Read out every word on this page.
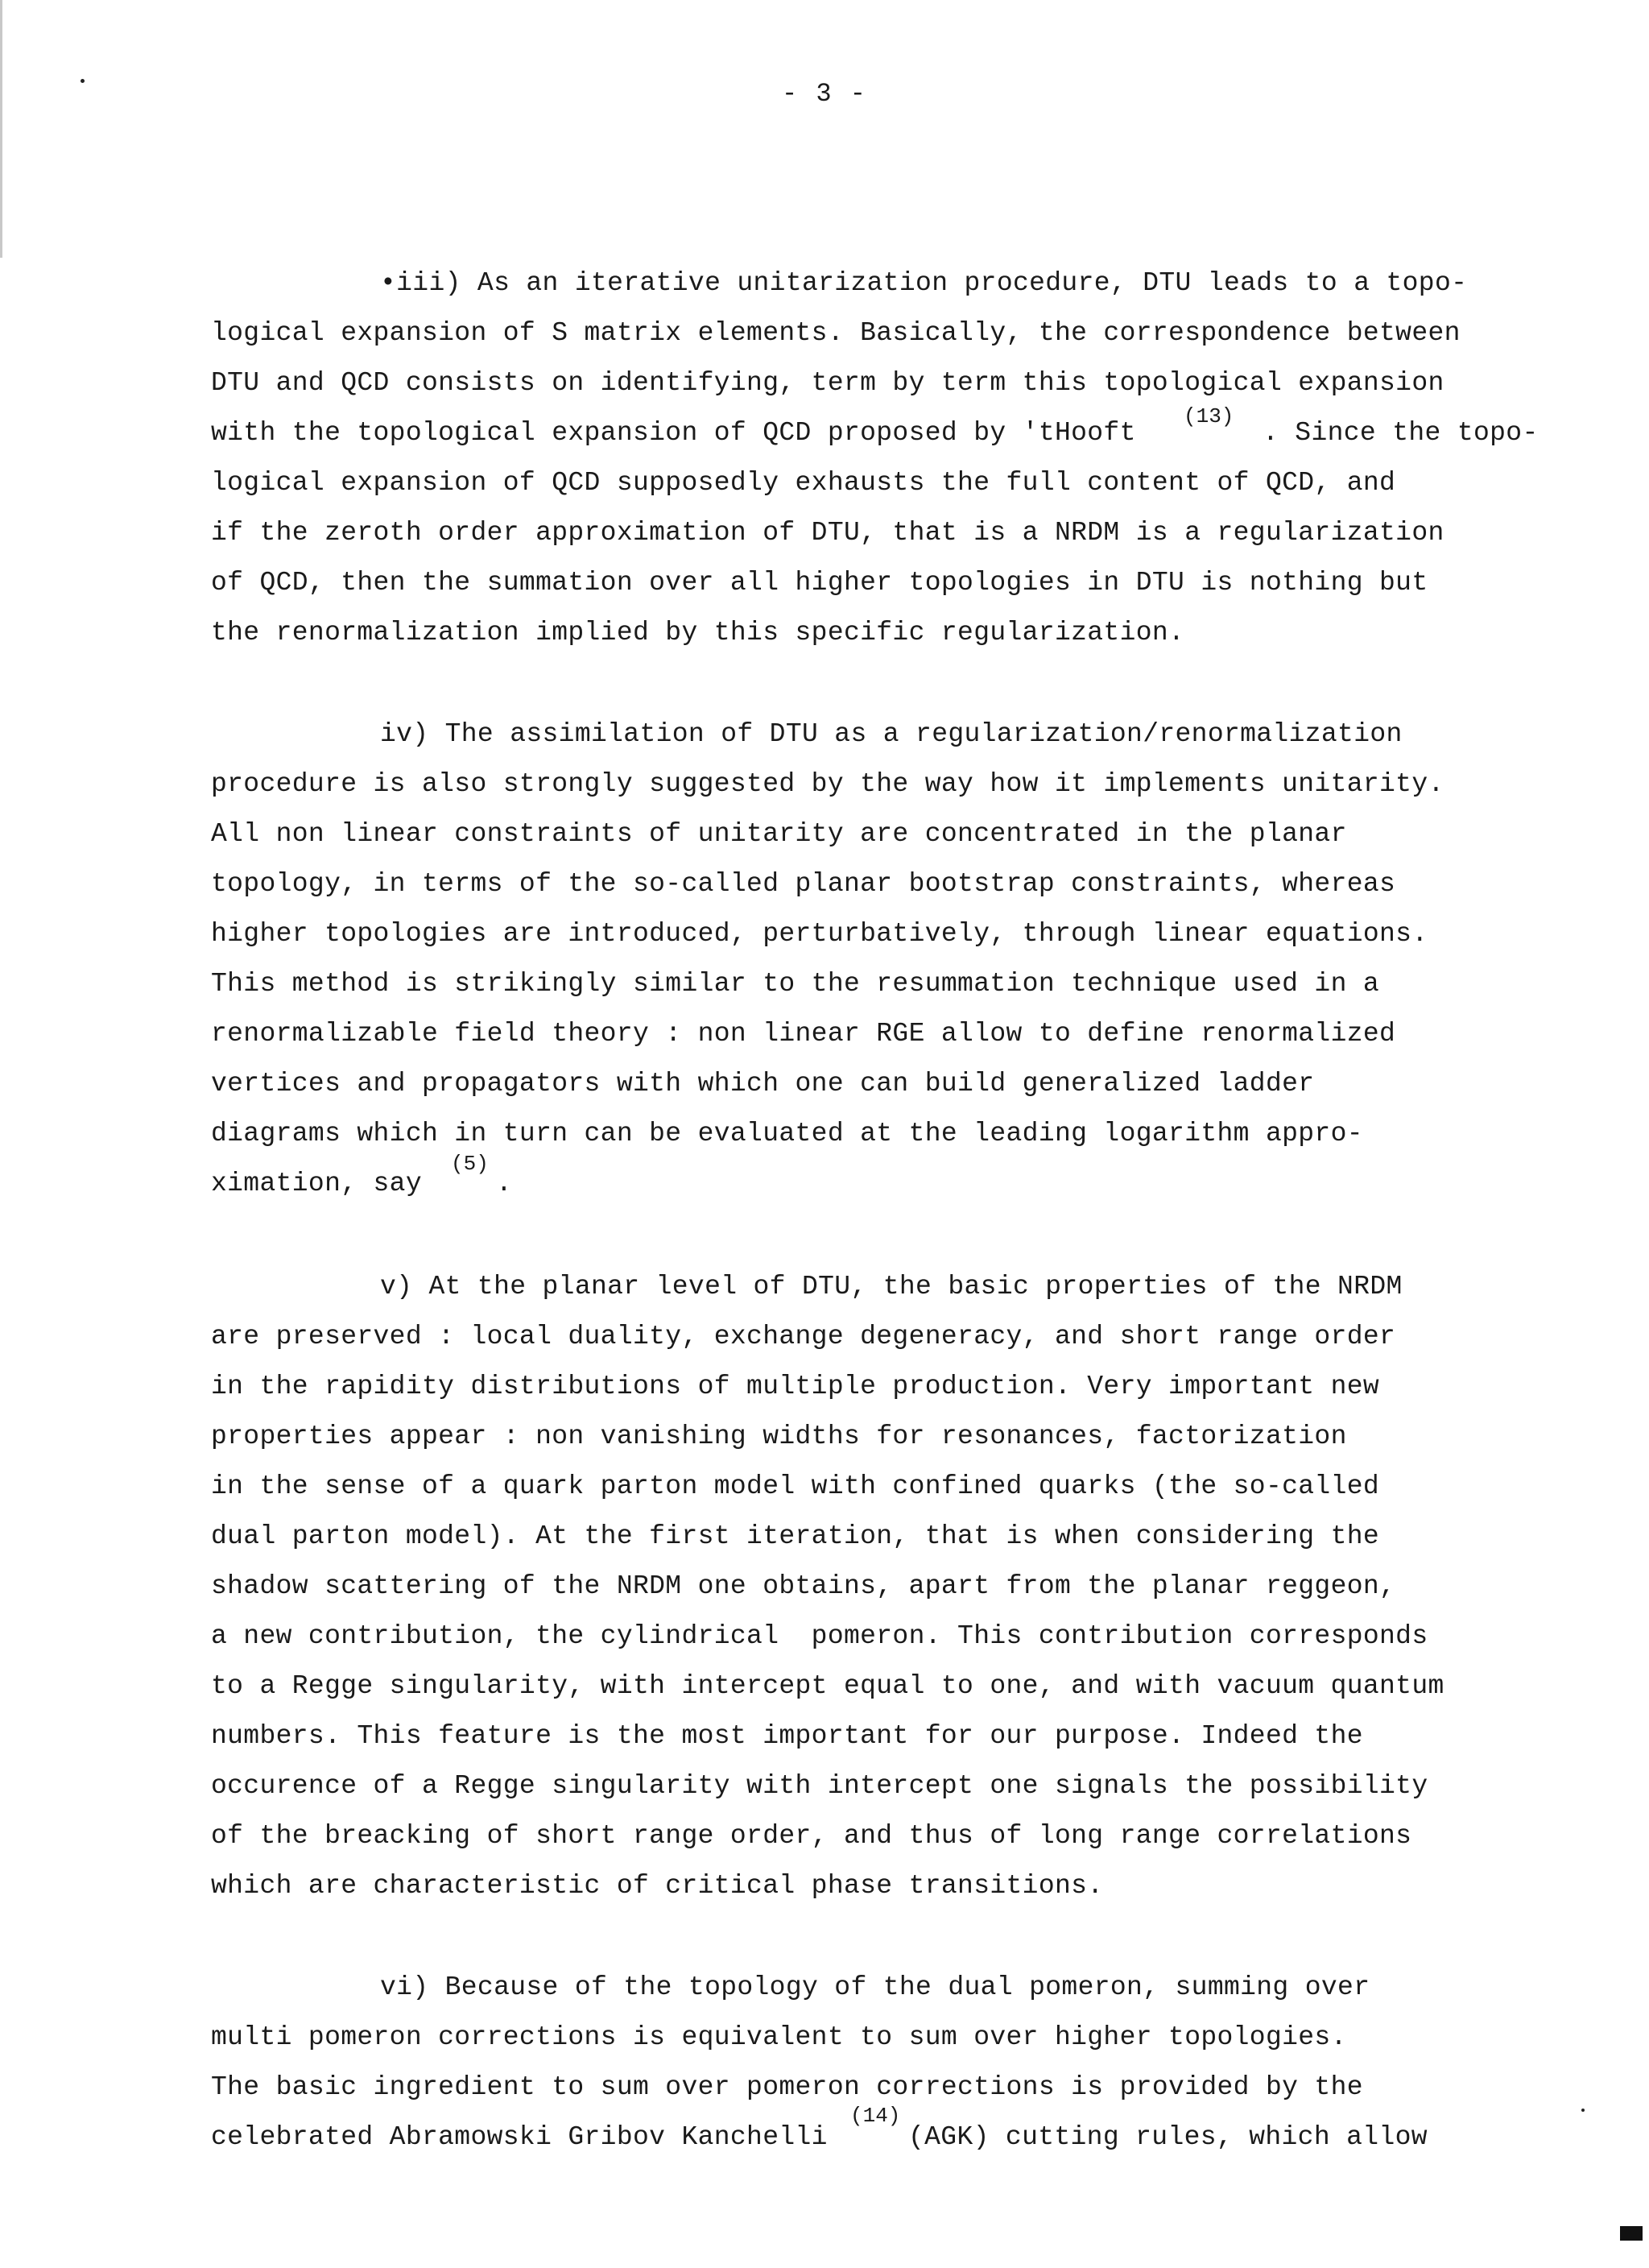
- 3 -
•iii) As an iterative unitarization procedure, DTU leads to a topo-
logical expansion of S matrix elements. Basically, the correspondence between
DTU and QCD consists on identifying, term by term this topological expansion
with the topological expansion of QCD proposed by 'tHooft
(13)
. Since the topo-
logical expansion of QCD supposedly exhausts the full content of QCD, and
if the zeroth order approximation of DTU, that is a NRDM is a regularization
of QCD, then the summation over all higher topologies in DTU is nothing but
the renormalization implied by this specific regularization.
iv) The assimilation of DTU as a regularization/renormalization
procedure is also strongly suggested by the way how it implements unitarity.
All non linear constraints of unitarity are concentrated in the planar
topology, in terms of the so-called planar bootstrap constraints, whereas
higher topologies are introduced, perturbatively, through linear equations.
This method is strikingly similar to the resummation technique used in a
renormalizable field theory : non linear RGE allow to define renormalized
vertices and propagators with which one can build generalized ladder
diagrams which in turn can be evaluated at the leading logarithm appro-
ximation, say
(5)
.
v) At the planar level of DTU, the basic properties of the NRDM
are preserved : local duality, exchange degeneracy, and short range order
in the rapidity distributions of multiple production. Very important new
properties appear : non vanishing widths for resonances, factorization
in the sense of a quark parton model with confined quarks (the so-called
dual parton model). At the first iteration, that is when considering the
shadow scattering of the NRDM one obtains, apart from the planar reggeon,
a new contribution, the cylindrical  pomeron. This contribution corresponds
to a Regge singularity, with intercept equal to one, and with vacuum quantum
numbers. This feature is the most important for our purpose. Indeed the
occurence of a Regge singularity with intercept one signals the possibility
of the breacking of short range order, and thus of long range correlations
which are characteristic of critical phase transitions.
vi) Because of the topology of the dual pomeron, summing over
multi pomeron corrections is equivalent to sum over higher topologies.
The basic ingredient to sum over pomeron corrections is provided by the
celebrated Abramowski Gribov Kanchelli
(14)
(AGK) cutting rules, which allow
